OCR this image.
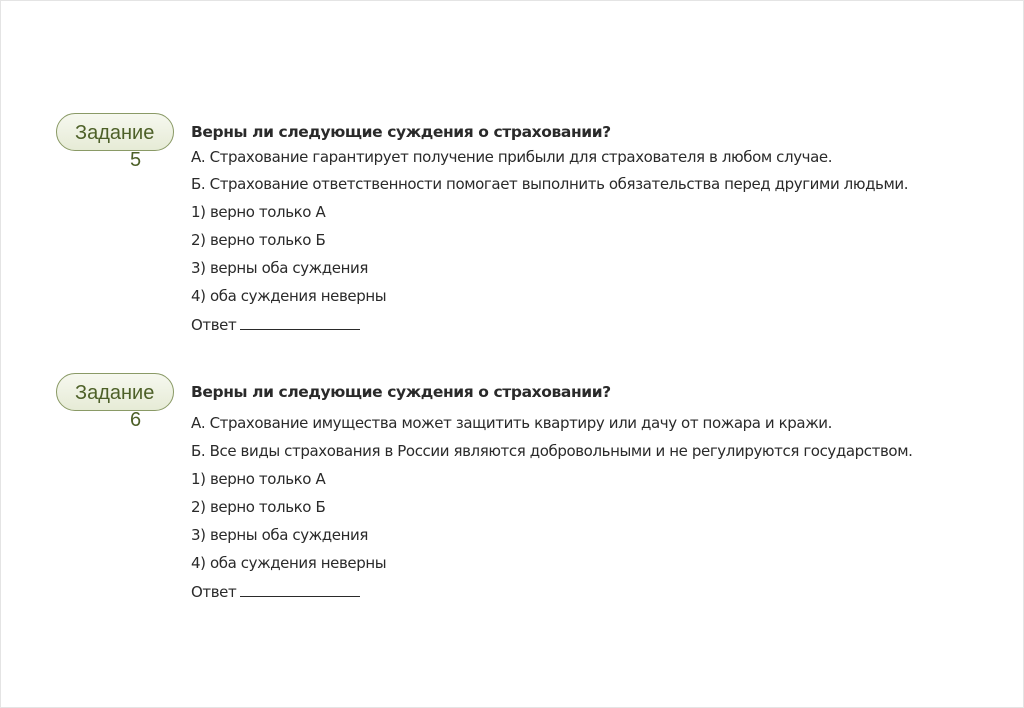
Задание
5
Верны ли следующие суждения о страховании?
А. Страхование гарантирует получение прибыли для страхователя в любом случае.
Б. Страхование ответственности помогает выполнить обязательства перед другими людьми.
1) верно только А
2) верно только Б
3) верны оба суждения
4) оба суждения неверны
Ответ
Задание
6
Верны ли следующие суждения о страховании?
А. Страхование имущества может защитить квартиру или дачу от пожара и кражи.
Б. Все виды страхования в России являются добровольными и не регулируются государством.
1) верно только А
2) верно только Б
3) верны оба суждения
4) оба суждения неверны
Ответ
